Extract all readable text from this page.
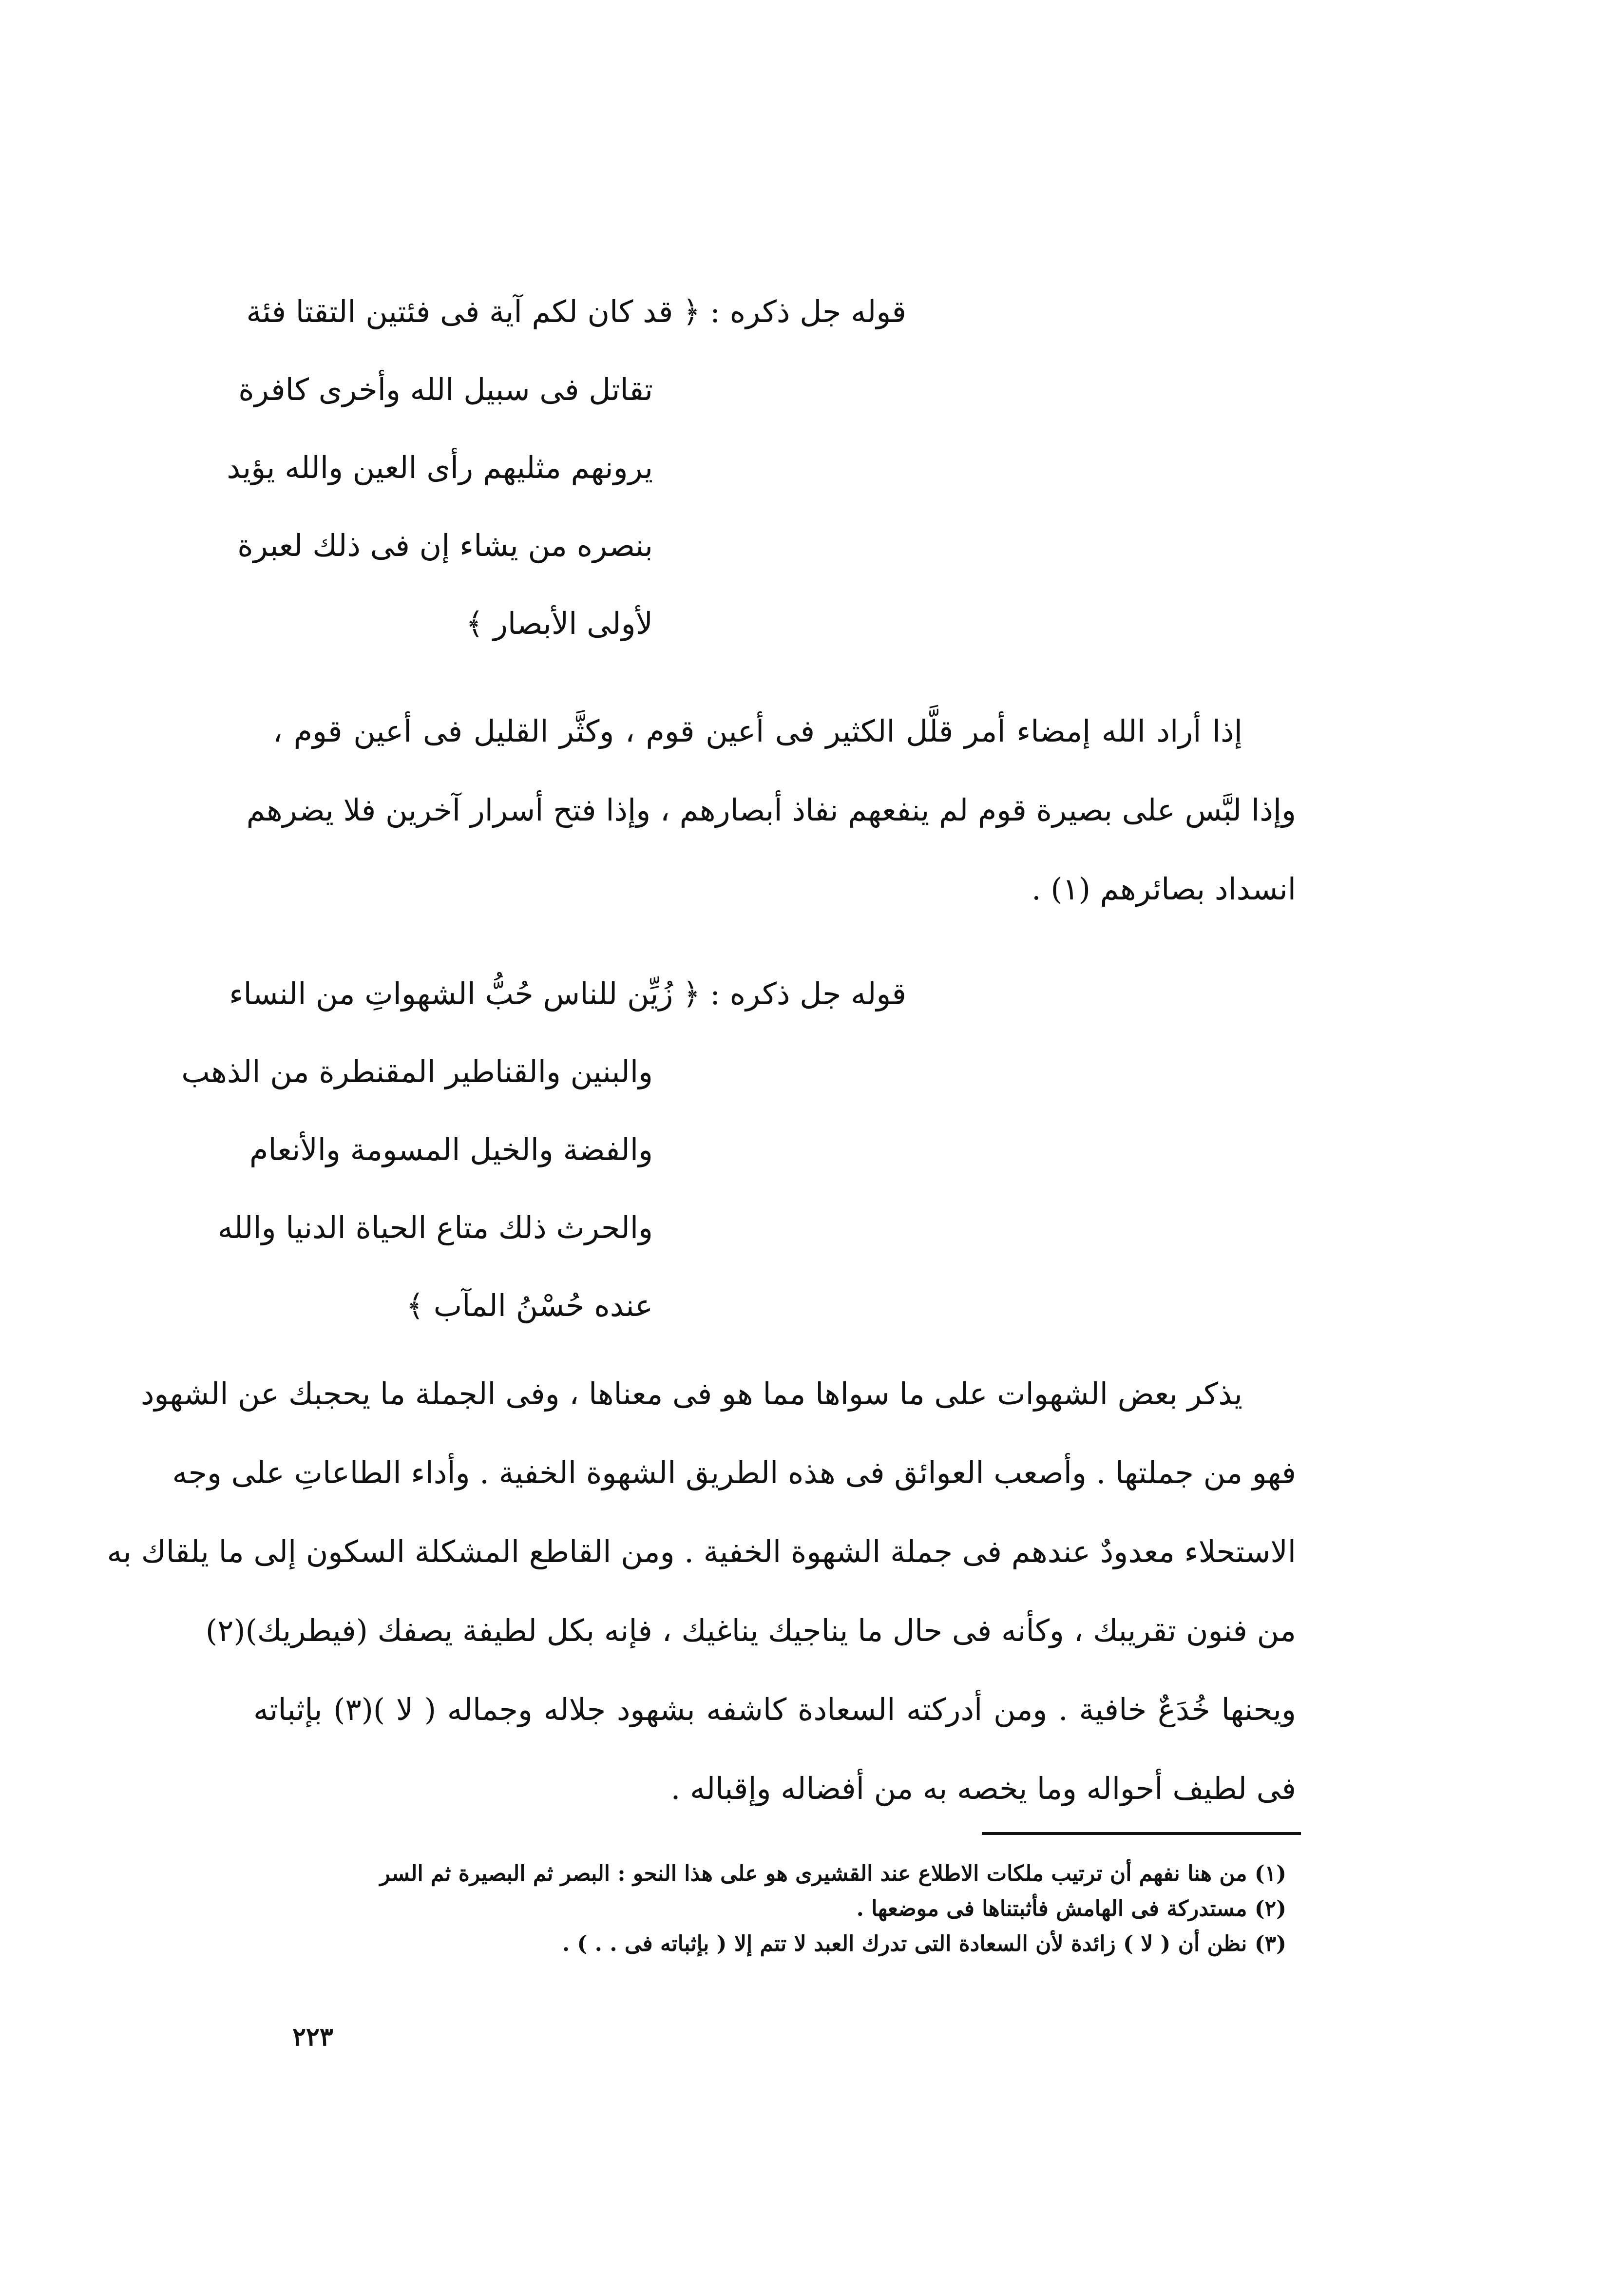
قوله جل ذكره : ﴿ قد كان لكم آية فى فئتين التقتا فئة
تقاتل فى سبيل الله وأخرى كافرة
يرونهم مثليهم رأى العين والله يؤيد
بنصره من يشاء إن فى ذلك لعبرة
لأولى الأبصار ﴾
إذا أراد الله إمضاء أمر قلَّل الكثير فى أعين قوم ، وكثَّر القليل فى أعين قوم ،
وإذا لبَّس على بصيرة قوم لم ينفعهم نفاذ أبصارهم ، وإذا فتح أسرار آخرين فلا يضرهم
انسداد بصائرهم (١) .
قوله جل ذكره : ﴿ زُيِّن للناس حُبُّ الشهواتِ من النساء
والبنين والقناطير المقنطرة من الذهب
والفضة والخيل المسومة والأنعام
والحرث ذلك متاع الحياة الدنيا والله
عنده حُسْنُ المآب ﴾
يذكر بعض الشهوات على ما سواها مما هو فى معناها ، وفى الجملة ما يحجبك عن الشهود
فهو من جملتها . وأصعب العوائق فى هذه الطريق الشهوة الخفية . وأداء الطاعاتِ على وجه
الاستحلاء معدودٌ عندهم فى جملة الشهوة الخفية . ومن القاطع المشكلة السكون إلى ما يلقاك به
من فنون تقريبك ، وكأنه فى حال ما يناجيك يناغيك ، فإنه بكل لطيفة يصفك (فيطريك)(٢)
ويحنها خُدَعٌ خافية . ومن أدركته السعادة كاشفه بشهود جلاله وجماله ( لا )(٣) بإثباته
فى لطيف أحواله وما يخصه به من أفضاله وإقباله .
(١) من هنا نفهم أن ترتيب ملكات الاطلاع عند القشيرى هو على هذا النحو : البصر ثم البصيرة ثم السر
(٢) مستدركة فى الهامش فأثبتناها فى موضعها .
(٣) نظن أن ( لا ) زائدة لأن السعادة التى تدرك العبد لا تتم إلا ( بإثباته فى . . ) .
٢٢٣
